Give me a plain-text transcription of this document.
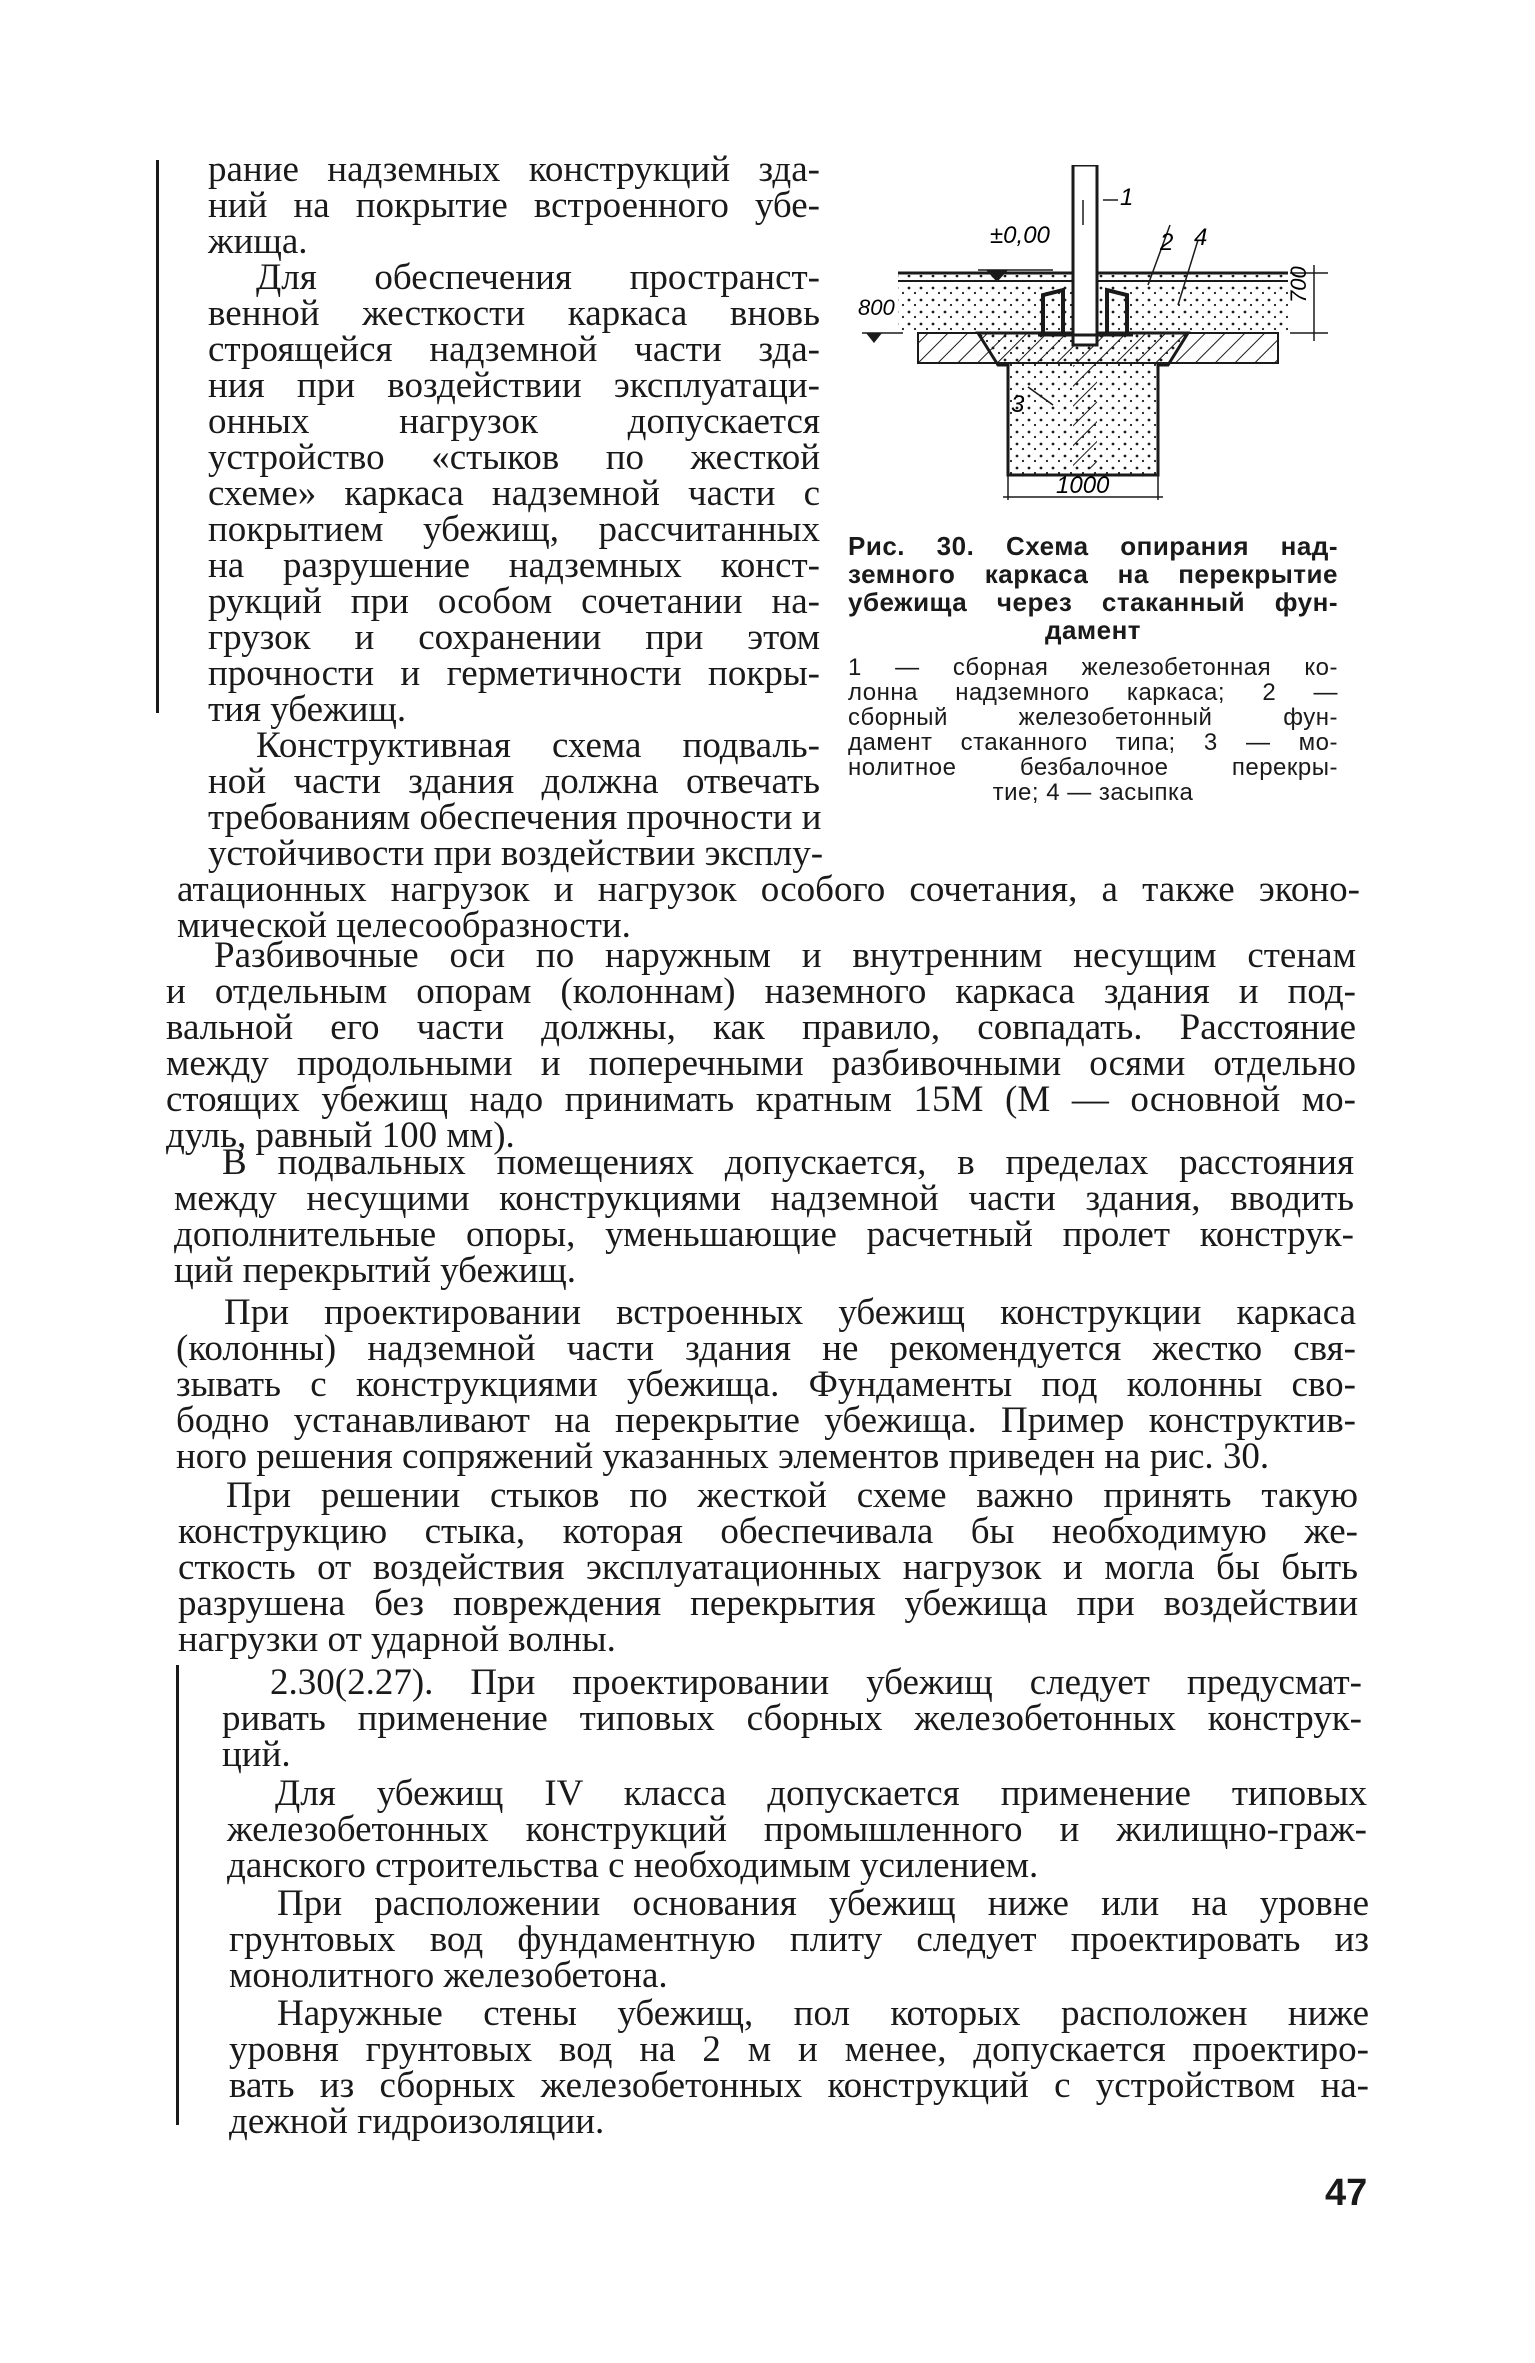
рание надземных конструкций зда-
ний на покрытие встроенного убе-
жища.
Для обеспечения пространст-
венной жесткости каркаса вновь
строящейся надземной части зда-
ния при воздействии эксплуатаци-
онных нагрузок допускается
устройство «стыков по жесткой
схеме» каркаса надземной части с
покрытием убежищ, рассчитанных
на разрушение надземных конст-
рукций при особом сочетании на-
грузок и сохранении при этом
прочности и герметичности покры-
тия убежищ.
Конструктивная схема подваль-
ной части здания должна отвечать
требованиям обеспечения прочности и
устойчивости при воздействии эксплу-
атационных нагрузок и нагрузок особого сочетания, а также эконо-
мической целесообразности.
Разбивочные оси по наружным и внутренним несущим стенам
и отдельным опорам (колоннам) наземного каркаса здания и под-
вальной его части должны, как правило, совпадать. Расстояние
между продольными и поперечными разбивочными осями отдельно
стоящих убежищ надо принимать кратным 15М (М — основной мо-
дуль, равный 100 мм).
В подвальных помещениях допускается, в пределах расстояния
между несущими конструкциями надземной части здания, вводить
дополнительные опоры, уменьшающие расчетный пролет конструк-
ций перекрытий убежищ.
При проектировании встроенных убежищ конструкции каркаса
(колонны) надземной части здания не рекомендуется жестко свя-
зывать с конструкциями убежища. Фундаменты под колонны сво-
бодно устанавливают на перекрытие убежища. Пример конструктив-
ного решения сопряжений указанных элементов приведен на рис. 30.
При решении стыков по жесткой схеме важно принять такую
конструкцию стыка, которая обеспечивала бы необходимую же-
сткость от воздействия эксплуатационных нагрузок и могла бы быть
разрушена без повреждения перекрытия убежища при воздействии
нагрузки от ударной волны.
2.30(2.27). При проектировании убежищ следует предусмат-
ривать применение типовых сборных железобетонных конструк-
ций.
Для убежищ IV класса допускается применение типовых
железобетонных конструкций промышленного и жилищно-граж-
данского строительства с необходимым усилением.
При расположении основания убежищ ниже или на уровне
грунтовых вод фундаментную плиту следует проектировать из
монолитного железобетона.
Наружные стены убежищ, пол которых расположен ниже
уровня грунтовых вод на 2 м и менее, допускается проектиро-
вать из сборных железобетонных конструкций с устройством на-
дежной гидроизоляции.
±0,00
800
700
1000
1
2
3
4
Рис. 30. Схема опирания над-
земного каркаса на перекрытие
убежища через стаканный фун-
дамент
1 — сборная железобетонная ко-
лонна надземного каркаса; 2 —
сборный железобетонный фун-
дамент стаканного типа; 3 — мо-
нолитное безбалочное перекры-
тие; 4 — засыпка
47
